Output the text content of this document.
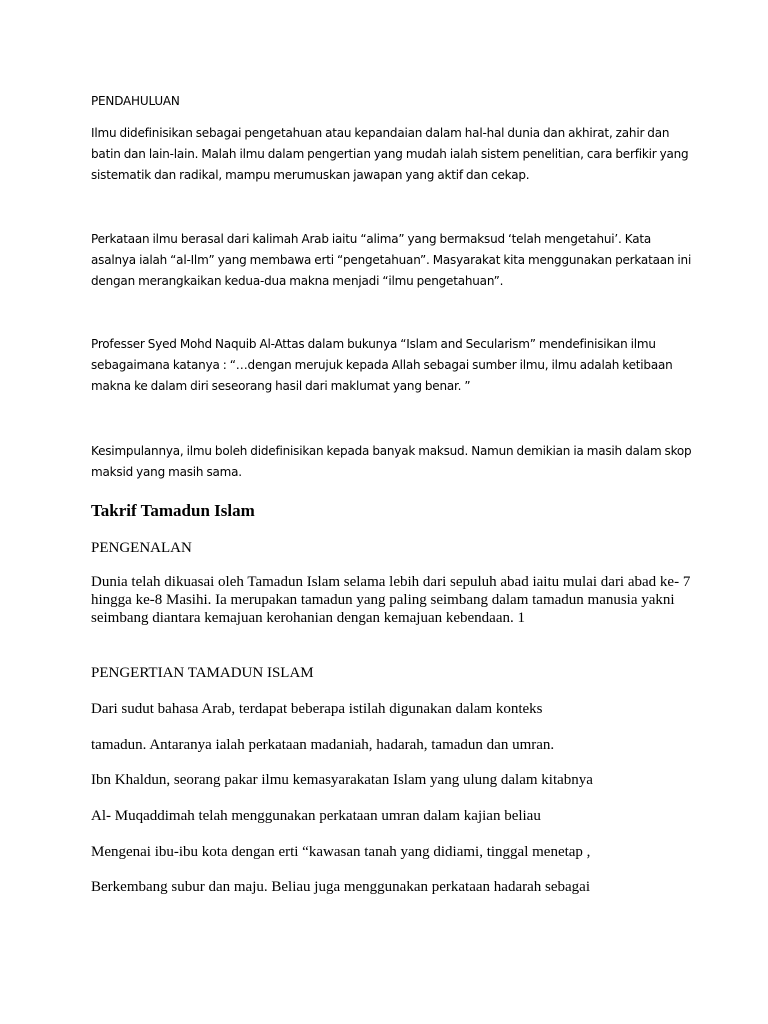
PENDAHULUAN

Ilmu didefinisikan sebagai pengetahuan atau kepandaian dalam hal-hal dunia dan akhirat, zahir dan batin dan lain-lain. Malah ilmu dalam pengertian yang mudah ialah sistem penelitian, cara berfikir yang sistematik dan radikal, mampu merumuskan jawapan yang aktif dan cekap.

Perkataan ilmu berasal dari kalimah Arab iaitu “alima” yang bermaksud ‘telah mengetahui’. Kata asalnya ialah “al-Ilm” yang membawa erti “pengetahuan”. Masyarakat kita menggunakan perkataan ini dengan merangkaikan kedua-dua makna menjadi “ilmu pengetahuan”.

Professer Syed Mohd Naquib Al-Attas dalam bukunya “Islam and Secularism” mendefinisikan ilmu sebagaimana katanya : “…dengan merujuk kepada Allah sebagai sumber ilmu, ilmu adalah ketibaan makna ke dalam diri seseorang hasil dari maklumat yang benar. ”

Kesimpulannya, ilmu boleh didefinisikan kepada banyak maksud. Namun demikian ia masih dalam skop maksid yang masih sama.

Takrif Tamadun Islam

PENGENALAN

Dunia telah dikuasai oleh Tamadun Islam selama lebih dari sepuluh abad iaitu mulai dari abad ke- 7 hingga ke-8 Masihi. Ia merupakan tamadun yang paling seimbang dalam tamadun manusia yakni seimbang diantara kemajuan kerohanian dengan kemajuan kebendaan. 1

PENGERTIAN TAMADUN ISLAM

Dari sudut bahasa Arab, terdapat beberapa istilah digunakan dalam konteks

tamadun. Antaranya ialah perkataan madaniah, hadarah, tamadun dan umran.

Ibn Khaldun, seorang pakar ilmu kemasyarakatan Islam yang ulung dalam kitabnya

Al- Muqaddimah telah menggunakan perkataan umran dalam kajian beliau

Mengenai ibu-ibu kota dengan erti “kawasan tanah yang didiami, tinggal menetap ,

Berkembang subur dan maju. Beliau juga menggunakan perkataan hadarah sebagai
